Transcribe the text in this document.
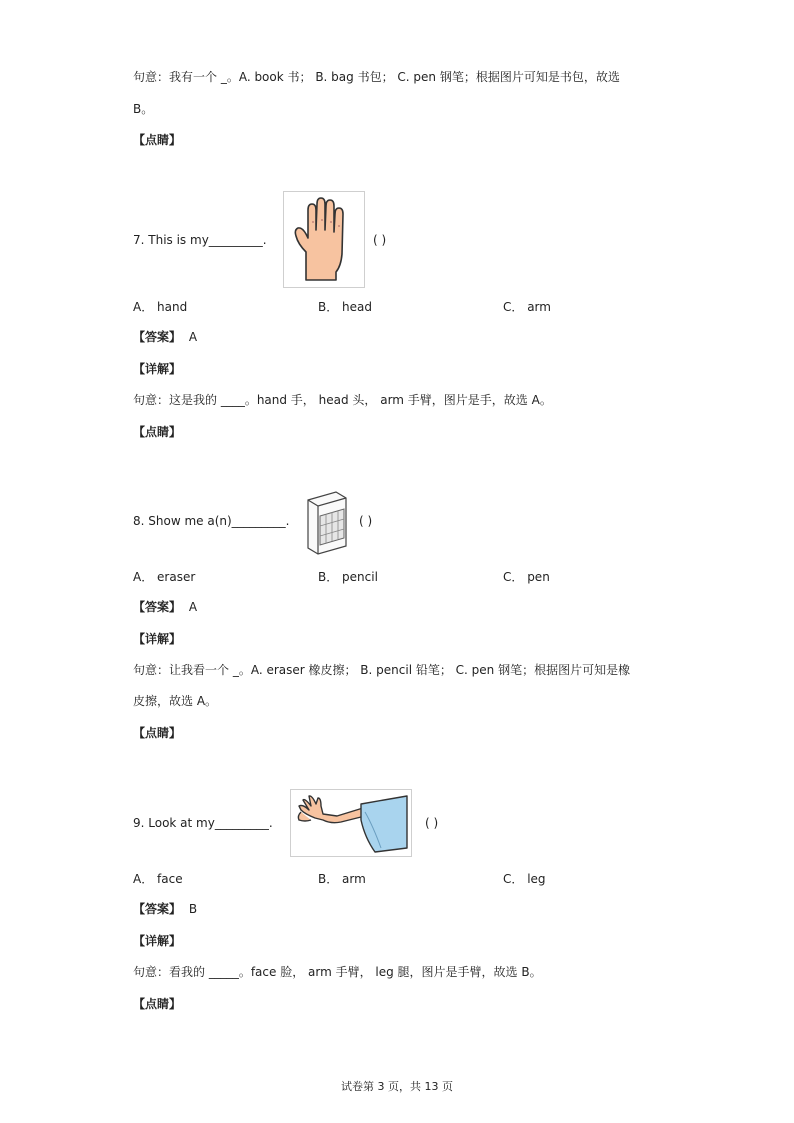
句意：我有一个 _。A. book 书； B. bag 书包； C. pen 钢笔；根据图片可知是书包，故选
B。
【点睛】
7. This is my_________.	( )
A． hand	B． head	C． arm
【答案】 A
【详解】
句意：这是我的 ____。hand 手， head 头， arm 手臂，图片是手，故选 A。
【点睛】
8. Show me a(n)_________.	( )
A． eraser	B． pencil	C． pen
【答案】 A
【详解】
句意：让我看一个 _。A. eraser 橡皮擦； B. pencil 铅笔； C. pen 钢笔；根据图片可知是橡
皮擦，故选 A。
【点睛】
9. Look at my_________.	( )
A． face	B． arm	C． leg
【答案】 B
【详解】
句意：看我的 _____。face 脸， arm 手臂， leg 腿，图片是手臂，故选 B。
【点睛】
试卷第 3 页，共 13 页
